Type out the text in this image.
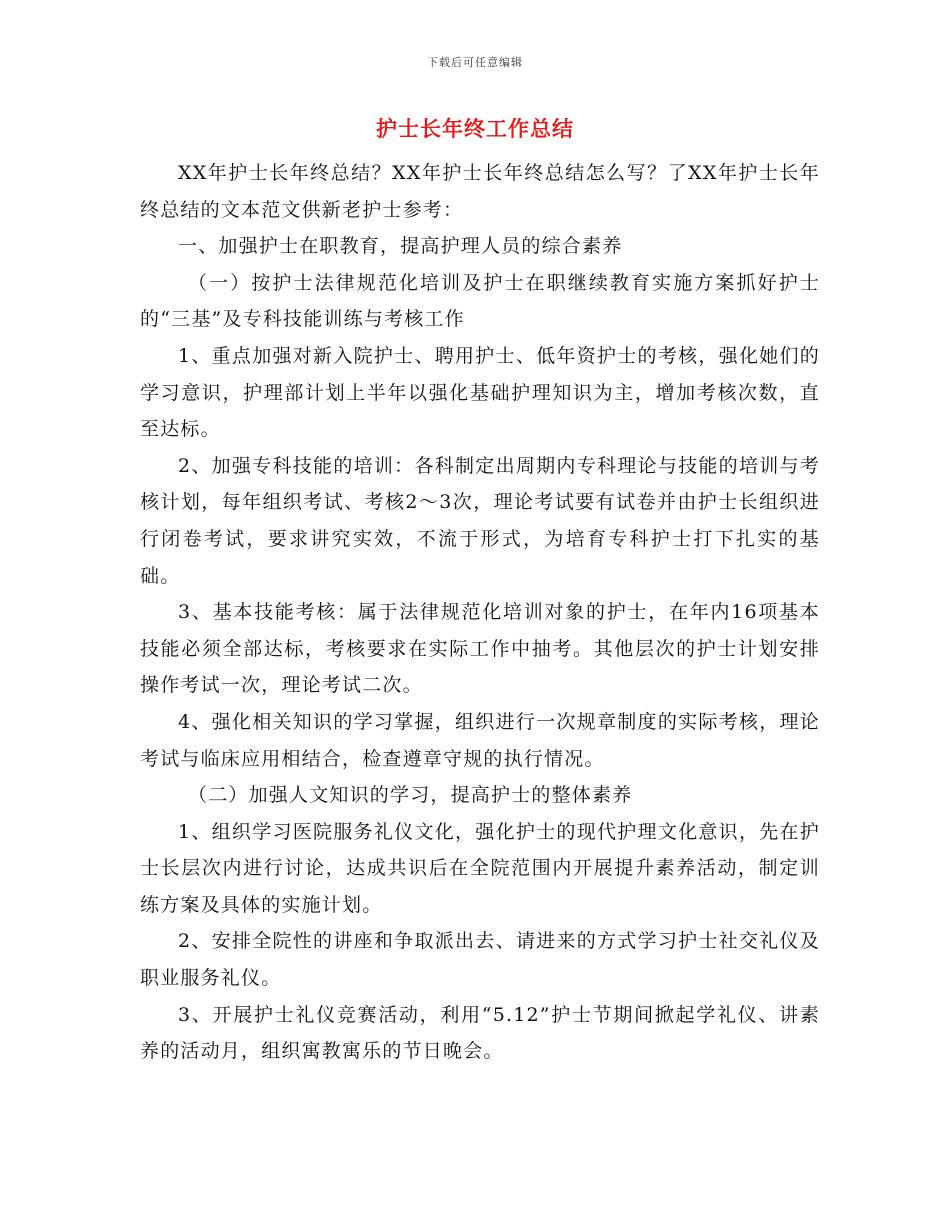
下载后可任意编辑
护士长年终工作总结

XX年护士长年终总结？XX年护士长年终总结怎么写？了XX年护士长年终总结的文本范文供新老护士参考：

一、加强护士在职教育，提高护理人员的综合素养

（一）按护士法律规范化培训及护士在职继续教育实施方案抓好护士的“三基”及专科技能训练与考核工作

1、重点加强对新入院护士、聘用护士、低年资护士的考核，强化她们的学习意识，护理部计划上半年以强化基础护理知识为主，增加考核次数，直至达标。

2、加强专科技能的培训：各科制定出周期内专科理论与技能的培训与考核计划，每年组织考试、考核2～3次，理论考试要有试卷并由护士长组织进行闭卷考试，要求讲究实效，不流于形式，为培育专科护士打下扎实的基础。

3、基本技能考核：属于法律规范化培训对象的护士，在年内16项基本技能必须全部达标，考核要求在实际工作中抽考。其他层次的护士计划安排操作考试一次，理论考试二次。

4、强化相关知识的学习掌握，组织进行一次规章制度的实际考核，理论考试与临床应用相结合，检查遵章守规的执行情况。

（二）加强人文知识的学习，提高护士的整体素养

1、组织学习医院服务礼仪文化，强化护士的现代护理文化意识，先在护士长层次内进行讨论，达成共识后在全院范围内开展提升素养活动，制定训练方案及具体的实施计划。

2、安排全院性的讲座和争取派出去、请进来的方式学习护士社交礼仪及职业服务礼仪。

3、开展护士礼仪竞赛活动，利用“5.12”护士节期间掀起学礼仪、讲素养的活动月，组织寓教寓乐的节日晚会。
